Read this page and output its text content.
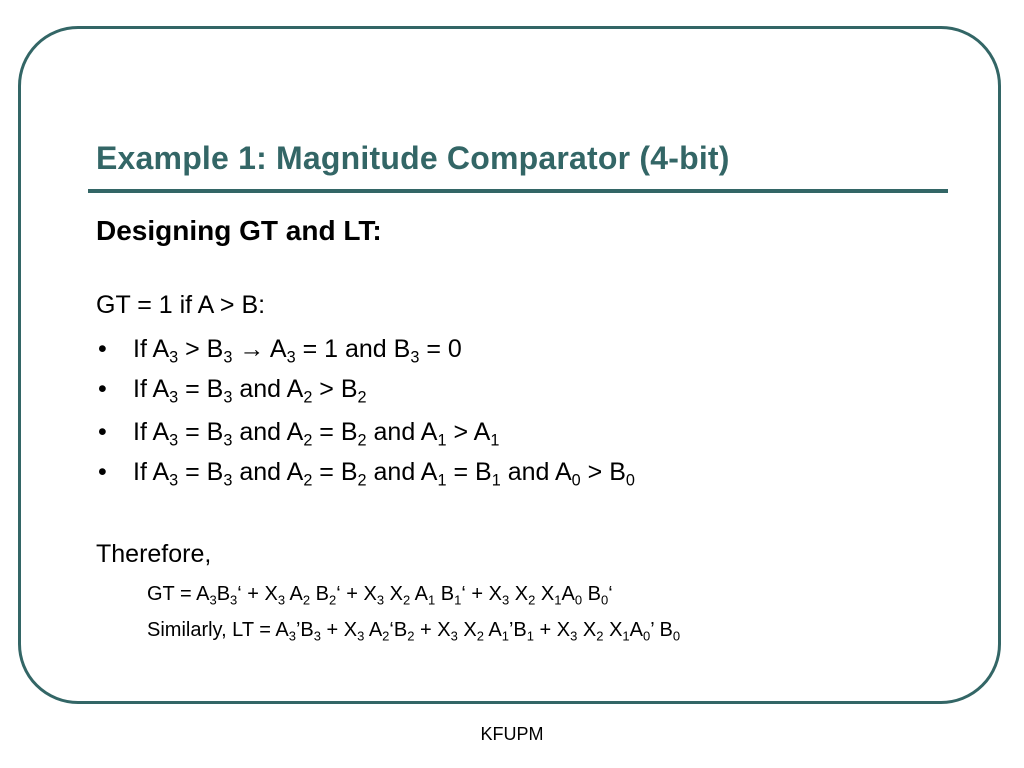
Example 1: Magnitude Comparator (4-bit)
Designing GT and LT:
GT = 1 if A > B:
• If $A_3 > B_3 \to A_3 = 1$ and $B_3 = 0$
• If $A_3 = B_3$ and $A_2 > B_2$
• If $A_3 = B_3$ and $A_2 = B_2$ and $A_1 > A_1$
• If $A_3 = B_3$ and $A_2 = B_2$ and $A_1 = B_1$ and $A_0 > B_0$
Therefore,
GT = $A_3B_3‘ + X_3$ $A_2$ $B_2‘ + X_3$ $X_2$ $A_1$ $B_1‘ + X_3$ $X_2$ $X_1A_0$ $B_0‘$
Similarly, LT = $A_3’B_3 + X_3$ $A_2‘B_2 + X_3$ $X_2$ $A_1’B_1 + X_3$ $X_2$ $X_1A_0$’ $B_0$
KFUPM
